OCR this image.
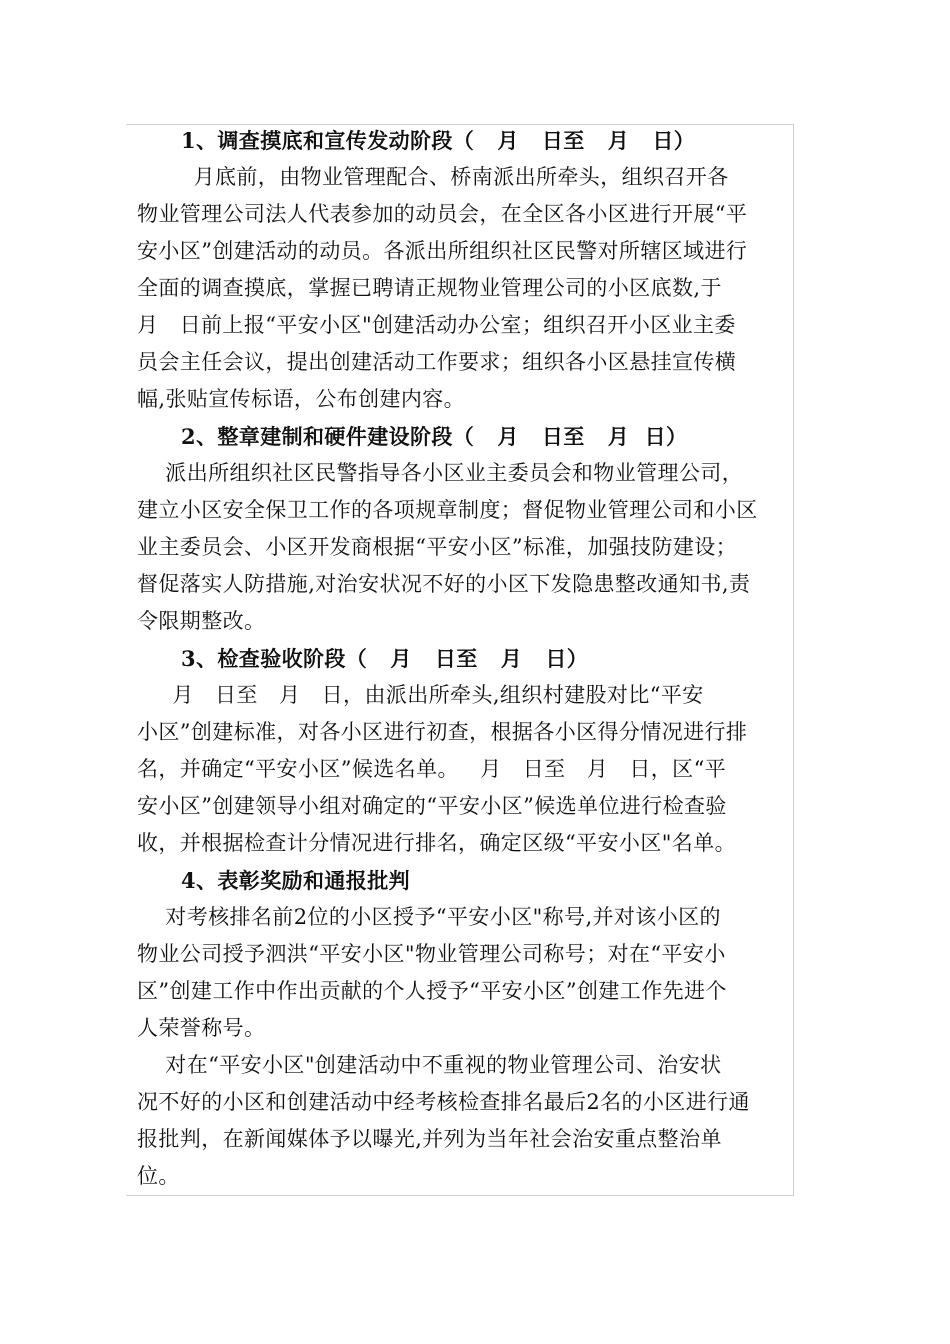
1、调查摸底和宣传发动阶段（   月   日至   月   日）
月底前，由物业管理配合、桥南派出所牵头，组织召开各
物业管理公司法人代表参加的动员会，在全区各小区进行开展“平
安小区”创建活动的动员。各派出所组织社区民警对所辖区域进行
全面的调查摸底，掌握已聘请正规物业管理公司的小区底数,于
月   日前上报“平安小区"创建活动办公室；组织召开小区业主委
员会主任会议，提出创建活动工作要求；组织各小区悬挂宣传横
幅,张贴宣传标语，公布创建内容。
2、整章建制和硬件建设阶段（   月   日至   月  日）
派出所组织社区民警指导各小区业主委员会和物业管理公司，
建立小区安全保卫工作的各项规章制度；督促物业管理公司和小区
业主委员会、小区开发商根据“平安小区”标准，加强技防建设；
督促落实人防措施,对治安状况不好的小区下发隐患整改通知书,责
令限期整改。
3、检查验收阶段（   月   日至   月   日）
月   日至   月   日，由派出所牵头,组织村建股对比“平安
小区”创建标准，对各小区进行初查，根据各小区得分情况进行排
名，并确定“平安小区”候选名单。   月   日至   月   日，区“平
安小区”创建领导小组对确定的“平安小区”候选单位进行检查验
收，并根据检查计分情况进行排名，确定区级“平安小区"名单。
4、表彰奖励和通报批判
对考核排名前2位的小区授予“平安小区"称号,并对该小区的
物业公司授予泗洪“平安小区"物业管理公司称号；对在“平安小
区”创建工作中作出贡献的个人授予“平安小区”创建工作先进个
人荣誉称号。
对在“平安小区"创建活动中不重视的物业管理公司、治安状
况不好的小区和创建活动中经考核检查排名最后2名的小区进行通
报批判，在新闻媒体予以曝光,并列为当年社会治安重点整治单
位。
